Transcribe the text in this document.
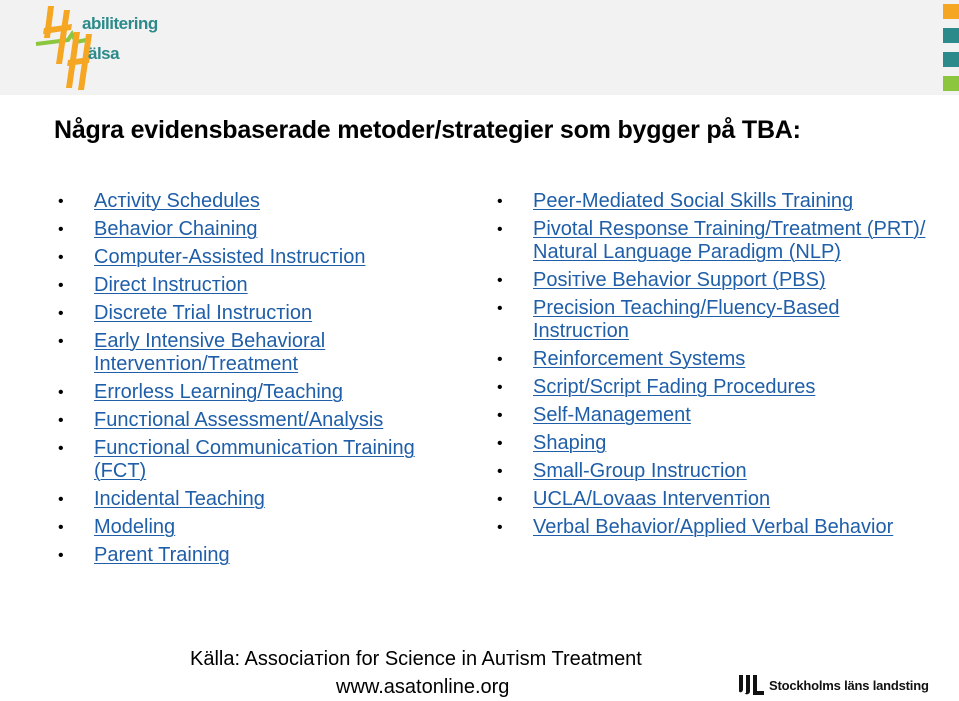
abilitering
älsa
Några evidensbaserade metoder/strategier som bygger på TBA:
• Acтivity Schedules
• Behavior Chaining
• Computer-Assisted Instrucтion
• Direct Instrucтion
• Discrete Trial Instrucтion
• Early Intensive Behavioral Intervenтion/Treatment
• Errorless Learning/Teaching
• Funcтional Assessment/Analysis
• Funcтional Communicaтion Training (FCT)
• Incidental Teaching
• Modeling
• Parent Training
• Peer-Mediated Social Skills Training
• Pivotal Response Training/Treatment (PRT)/ Natural Language Paradigm (NLP)
• Posiтive Behavior Support (PBS)
• Precision Teaching/Fluency-Based Instrucтion
• Reinforcement Systems
• Script/Script Fading Procedures
• Self-Management
• Shaping
• Small-Group Instrucтion
• UCLA/Lovaas Intervenтion
• Verbal Behavior/Applied Verbal Behavior
Källa: Associaтion for Science in Auтism Treatment
www.asatonline.org	Stockholms läns landsting
